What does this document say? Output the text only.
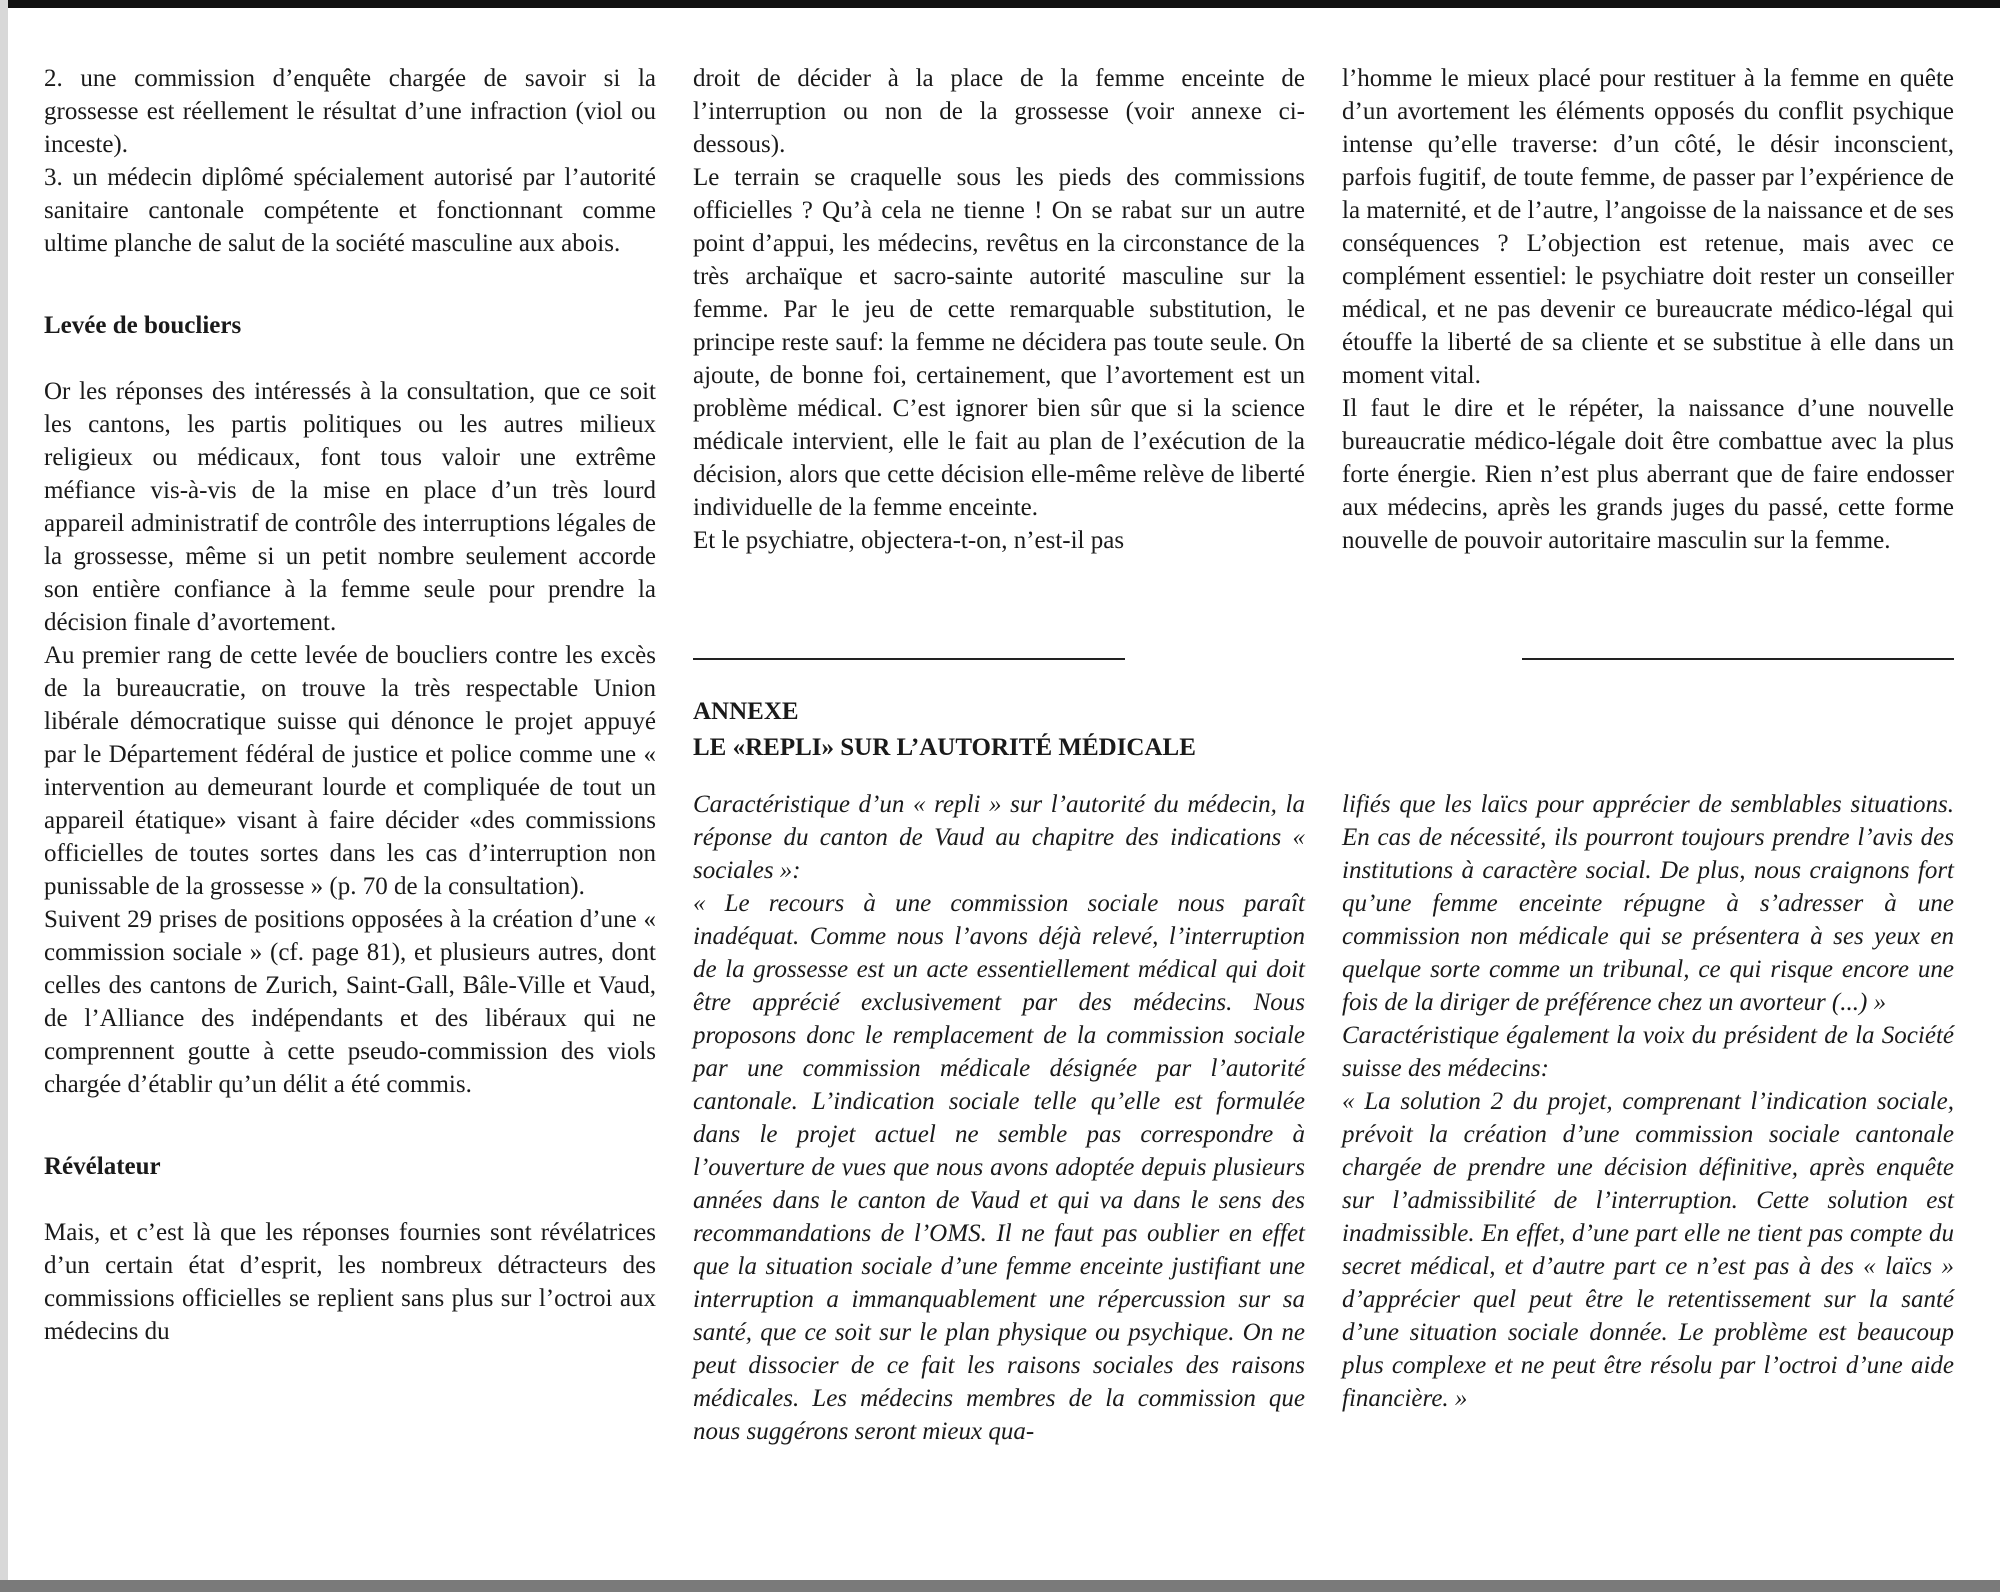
2. une commission d’enquête chargée de savoir si la grossesse est réellement le résultat d’une infraction (viol ou inceste).

3. un médecin diplômé spécialement autorisé par l’autorité sanitaire cantonale compétente et fonctionnant comme ultime planche de salut de la société masculine aux abois.

Levée de boucliers

Or les réponses des intéressés à la consultation, que ce soit les cantons, les partis politiques ou les autres milieux religieux ou médicaux, font tous valoir une extrême méfiance vis-à-vis de la mise en place d’un très lourd appareil administratif de contrôle des interruptions légales de la grossesse, même si un petit nombre seulement accorde son entière confiance à la femme seule pour prendre la décision finale d’avortement.

Au premier rang de cette levée de boucliers contre les excès de la bureaucratie, on trouve la très respectable Union libérale démocratique suisse qui dénonce le projet appuyé par le Département fédéral de justice et police comme une « intervention au demeurant lourde et compliquée de tout un appareil étatique» visant à faire décider «des commissions officielles de toutes sortes dans les cas d’interruption non punissable de la grossesse » (p. 70 de la consultation).

Suivent 29 prises de positions opposées à la création d’une « commission sociale » (cf. page 81), et plusieurs autres, dont celles des cantons de Zurich, Saint-Gall, Bâle-Ville et Vaud, de l’Alliance des indépendants et des libéraux qui ne comprennent goutte à cette pseudo-commission des viols chargée d’établir qu’un délit a été commis.

Révélateur

Mais, et c’est là que les réponses fournies sont révélatrices d’un certain état d’esprit, les nombreux détracteurs des commissions officielles se replient sans plus sur l’octroi aux médecins du

droit de décider à la place de la femme enceinte de l’interruption ou non de la grossesse (voir annexe ci-dessous).

Le terrain se craquelle sous les pieds des commissions officielles ? Qu’à cela ne tienne ! On se rabat sur un autre point d’appui, les médecins, revêtus en la circonstance de la très archaïque et sacro-sainte autorité masculine sur la femme. Par le jeu de cette remarquable substitution, le principe reste sauf: la femme ne décidera pas toute seule. On ajoute, de bonne foi, certainement, que l’avortement est un problème médical. C’est ignorer bien sûr que si la science médicale intervient, elle le fait au plan de l’exécution de la décision, alors que cette décision elle-même relève de liberté individuelle de la femme enceinte.

Et le psychiatre, objectera-t-on, n’est-il pas

l’homme le mieux placé pour restituer à la femme en quête d’un avortement les éléments opposés du conflit psychique intense qu’elle traverse: d’un côté, le désir inconscient, parfois fugitif, de toute femme, de passer par l’expérience de la maternité, et de l’autre, l’angoisse de la naissance et de ses conséquences ? L’objection est retenue, mais avec ce complément essentiel: le psychiatre doit rester un conseiller médical, et ne pas devenir ce bureaucrate médico-légal qui étouffe la liberté de sa cliente et se substitue à elle dans un moment vital.

Il faut le dire et le répéter, la naissance d’une nouvelle bureaucratie médico-légale doit être combattue avec la plus forte énergie. Rien n’est plus aberrant que de faire endosser aux médecins, après les grands juges du passé, cette forme nouvelle de pouvoir autoritaire masculin sur la femme.

ANNEXE
LE «REPLI» SUR L’AUTORITÉ MÉDICALE

Caractéristique d’un « repli » sur l’autorité du médecin, la réponse du canton de Vaud au chapitre des indications « sociales »:

« Le recours à une commission sociale nous paraît inadéquat. Comme nous l’avons déjà relevé, l’interruption de la grossesse est un acte essentiellement médical qui doit être apprécié exclusivement par des médecins. Nous proposons donc le remplacement de la commission sociale par une commission médicale désignée par l’autorité cantonale. L’indication sociale telle qu’elle est formulée dans le projet actuel ne semble pas correspondre à l’ouverture de vues que nous avons adoptée depuis plusieurs années dans le canton de Vaud et qui va dans le sens des recommandations de l’OMS. Il ne faut pas oublier en effet que la situation sociale d’une femme enceinte justifiant une interruption a immanquablement une répercussion sur sa santé, que ce soit sur le plan physique ou psychique. On ne peut dissocier de ce fait les raisons sociales des raisons médicales. Les médecins membres de la commission que nous suggérons seront mieux qua-

lifiés que les laïcs pour apprécier de semblables situations. En cas de nécessité, ils pourront toujours prendre l’avis des institutions à caractère social. De plus, nous craignons fort qu’une femme enceinte répugne à s’adresser à une commission non médicale qui se présentera à ses yeux en quelque sorte comme un tribunal, ce qui risque encore une fois de la diriger de préférence chez un avorteur (...) »

Caractéristique également la voix du président de la Société suisse des médecins:

« La solution 2 du projet, comprenant l’indication sociale, prévoit la création d’une commission sociale cantonale chargée de prendre une décision définitive, après enquête sur l’admissibilité de l’interruption. Cette solution est inadmissible. En effet, d’une part elle ne tient pas compte du secret médical, et d’autre part ce n’est pas à des « laïcs » d’apprécier quel peut être le retentissement sur la santé d’une situation sociale donnée. Le problème est beaucoup plus complexe et ne peut être résolu par l’octroi d’une aide financière. »
